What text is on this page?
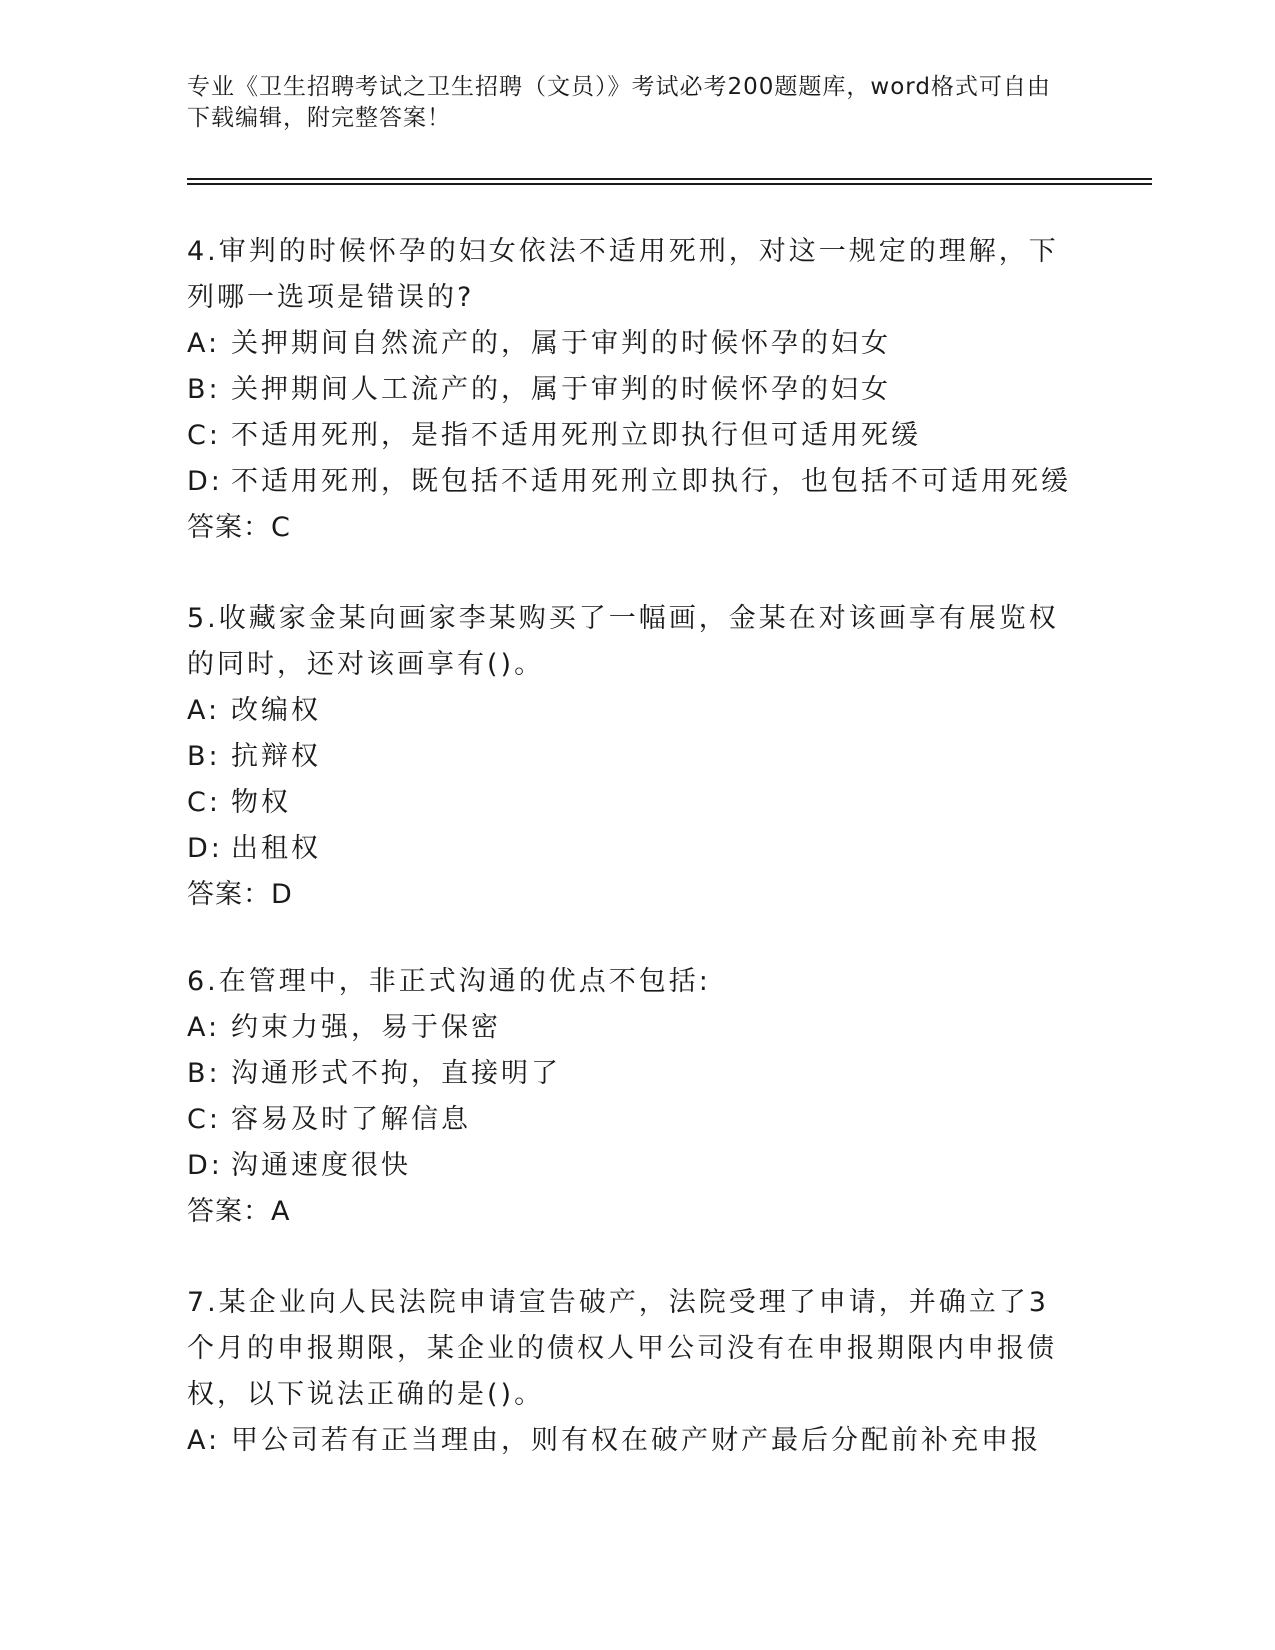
专业《卫生招聘考试之卫生招聘（文员）》考试必考200题题库，word格式可自由下载编辑，附完整答案！
4.审判的时候怀孕的妇女依法不适用死刑，对这一规定的理解，下列哪一选项是错误的?
A: 关押期间自然流产的，属于审判的时候怀孕的妇女
B: 关押期间人工流产的，属于审判的时候怀孕的妇女
C: 不适用死刑，是指不适用死刑立即执行但可适用死缓
D: 不适用死刑，既包括不适用死刑立即执行，也包括不可适用死缓
答案：C
5.收藏家金某向画家李某购买了一幅画，金某在对该画享有展览权的同时，还对该画享有()。
A: 改编权
B: 抗辩权
C: 物权
D: 出租权
答案：D
6.在管理中，非正式沟通的优点不包括:
A: 约束力强，易于保密
B: 沟通形式不拘，直接明了
C: 容易及时了解信息
D: 沟通速度很快
答案：A
7.某企业向人民法院申请宣告破产，法院受理了申请，并确立了3个月的申报期限，某企业的债权人甲公司没有在申报期限内申报债权，以下说法正确的是()。
A: 甲公司若有正当理由，则有权在破产财产最后分配前补充申报
